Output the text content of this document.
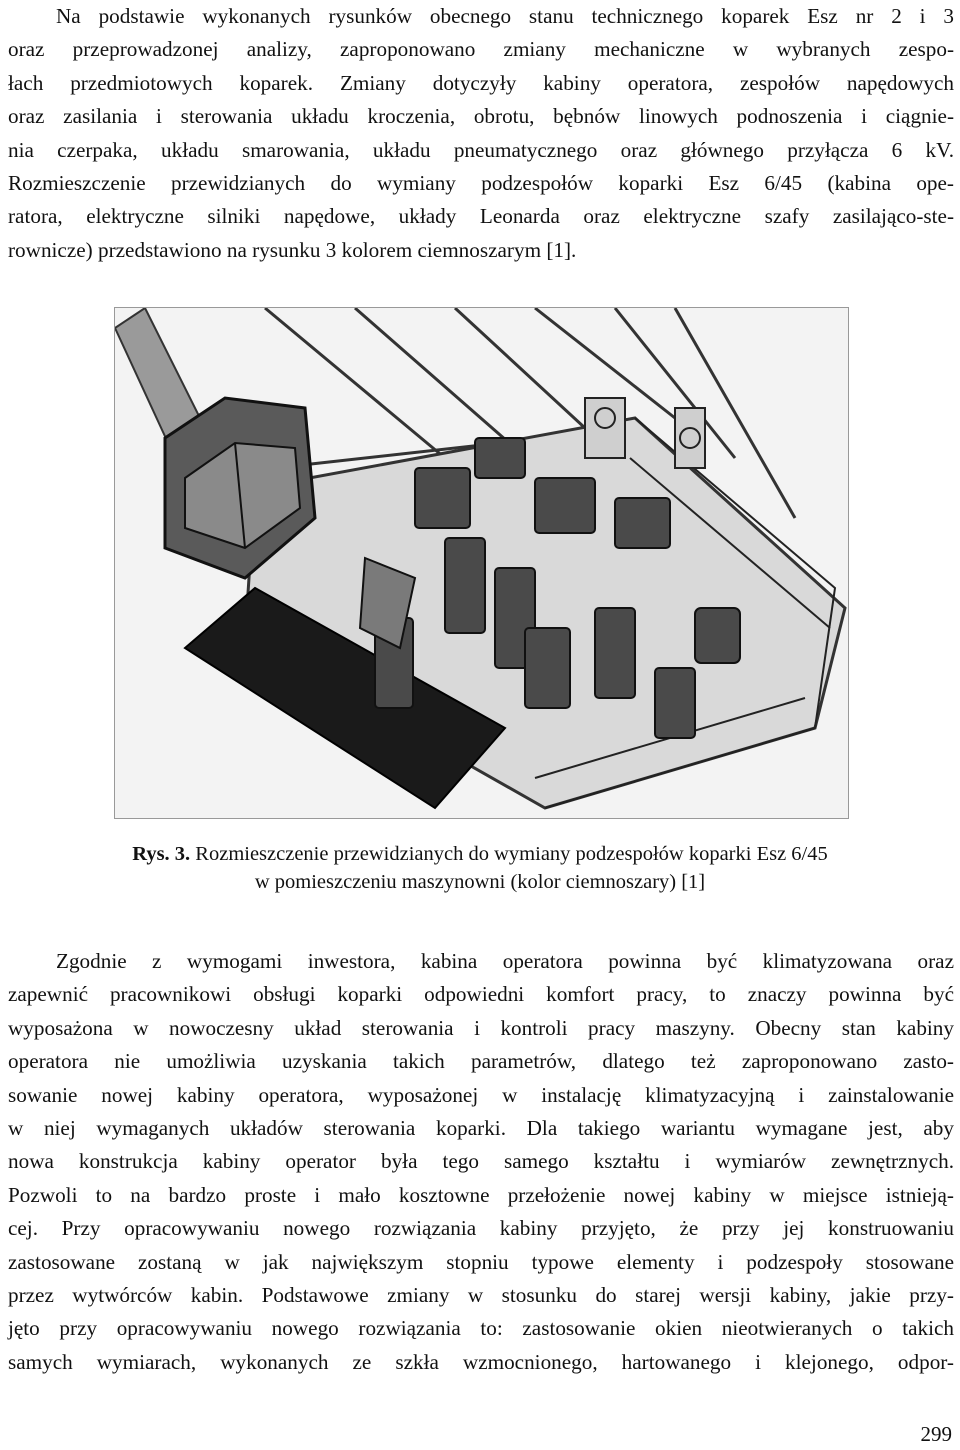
Na podstawie wykonanych rysunków obecnego stanu technicznego koparek Esz nr 2 i 3
oraz przeprowadzonej analizy, zaproponowano zmiany mechaniczne w wybranych zespo-
łach przedmiotowych koparek. Zmiany dotyczyły kabiny operatora, zespołów napędowych
oraz zasilania i sterowania układu kroczenia, obrotu, bębnów linowych podnoszenia i ciągnie-
nia czerpaka, układu smarowania, układu pneumatycznego oraz głównego przyłącza 6 kV.
Rozmieszczenie przewidzianych do wymiany podzespołów koparki Esz 6/45 (kabina ope-
ratora, elektryczne silniki napędowe, układy Leonarda oraz elektryczne szafy zasilająco-ste-
rownicze) przedstawiono na rysunku 3 kolorem ciemnoszarym [1].
Rys. 3. Rozmieszczenie przewidzianych do wymiany podzespołów koparki Esz 6/45
w pomieszczeniu maszynowni (kolor ciemnoszary) [1]
Zgodnie z wymogami inwestora, kabina operatora powinna być klimatyzowana oraz
zapewnić pracownikowi obsługi koparki odpowiedni komfort pracy, to znaczy powinna być
wyposażona w nowoczesny układ sterowania i kontroli pracy maszyny. Obecny stan kabiny
operatora nie umożliwia uzyskania takich parametrów, dlatego też zaproponowano zasto-
sowanie nowej kabiny operatora, wyposażonej w instalację klimatyzacyjną i zainstalowanie
w niej wymaganych układów sterowania koparki. Dla takiego wariantu wymagane jest, aby
nowa konstrukcja kabiny operator była tego samego kształtu i wymiarów zewnętrznych.
Pozwoli to na bardzo proste i mało kosztowne przełożenie nowej kabiny w miejsce istnieją-
cej. Przy opracowywaniu nowego rozwiązania kabiny przyjęto, że przy jej konstruowaniu
zastosowane zostaną w jak największym stopniu typowe elementy i podzespoły stosowane
przez wytwórców kabin. Podstawowe zmiany w stosunku do starej wersji kabiny, jakie przy-
jęto przy opracowywaniu nowego rozwiązania to: zastosowanie okien nieotwieranych o takich
samych wymiarach, wykonanych ze szkła wzmocnionego, hartowanego i klejonego, odpor-
299
